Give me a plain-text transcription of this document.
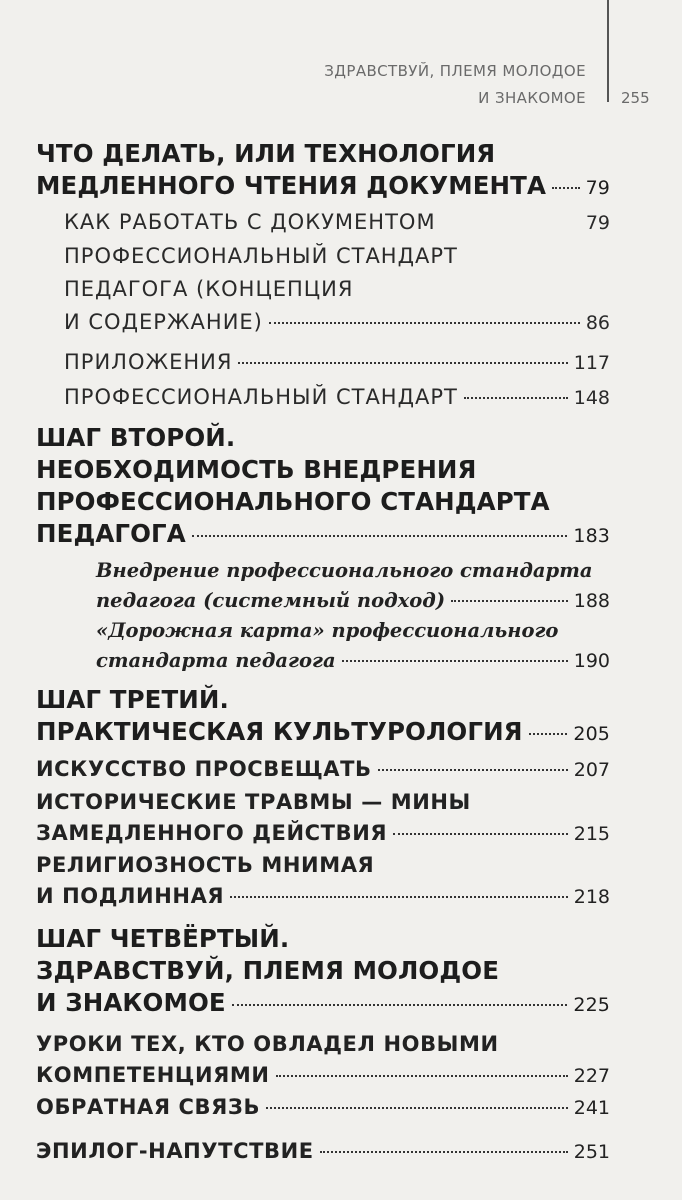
ЗДРАВСТВУЙ, ПЛЕМЯ МОЛОДОЕ
И ЗНАКОМОЕ 255
ЧТО ДЕЛАТЬ, ИЛИ ТЕХНОЛОГИЯ
МЕДЛЕННОГО ЧТЕНИЯ ДОКУМЕНТА 79
КАК РАБОТАТЬ С ДОКУМЕНТОМ	79
ПРОФЕССИОНАЛЬНЫЙ СТАНДАРТ
ПЕДАГОГА (КОНЦЕПЦИЯ
И СОДЕРЖАНИЕ)	86
ПРИЛОЖЕНИЯ	117
ПРОФЕССИОНАЛЬНЫЙ СТАНДАРТ	148
ШАГ ВТОРОЙ.
НЕОБХОДИМОСТЬ ВНЕДРЕНИЯ
ПРОФЕССИОНАЛЬНОГО СТАНДАРТА
ПЕДАГОГА	183
Внедрение профессионального стандарта
педагога (системный подход)	188
«Дорожная карта» профессионального
стандарта педагога	190
ШАГ ТРЕТИЙ.
ПРАКТИЧЕСКАЯ КУЛЬТУРОЛОГИЯ	205
ИСКУССТВО ПРОСВЕЩАТЬ	207
ИСТОРИЧЕСКИЕ ТРАВМЫ — МИНЫ
ЗАМЕДЛЕННОГО ДЕЙСТВИЯ	215
РЕЛИГИОЗНОСТЬ МНИМАЯ
И ПОДЛИННАЯ	218
ШАГ ЧЕТВЁРТЫЙ.
ЗДРАВСТВУЙ, ПЛЕМЯ МОЛОДОЕ
И ЗНАКОМОЕ	225
УРОКИ ТЕХ, КТО ОВЛАДЕЛ НОВЫМИ
КОМПЕТЕНЦИЯМИ	227
ОБРАТНАЯ СВЯЗЬ	241
ЭПИЛОГ-НАПУТСТВИЕ	251
